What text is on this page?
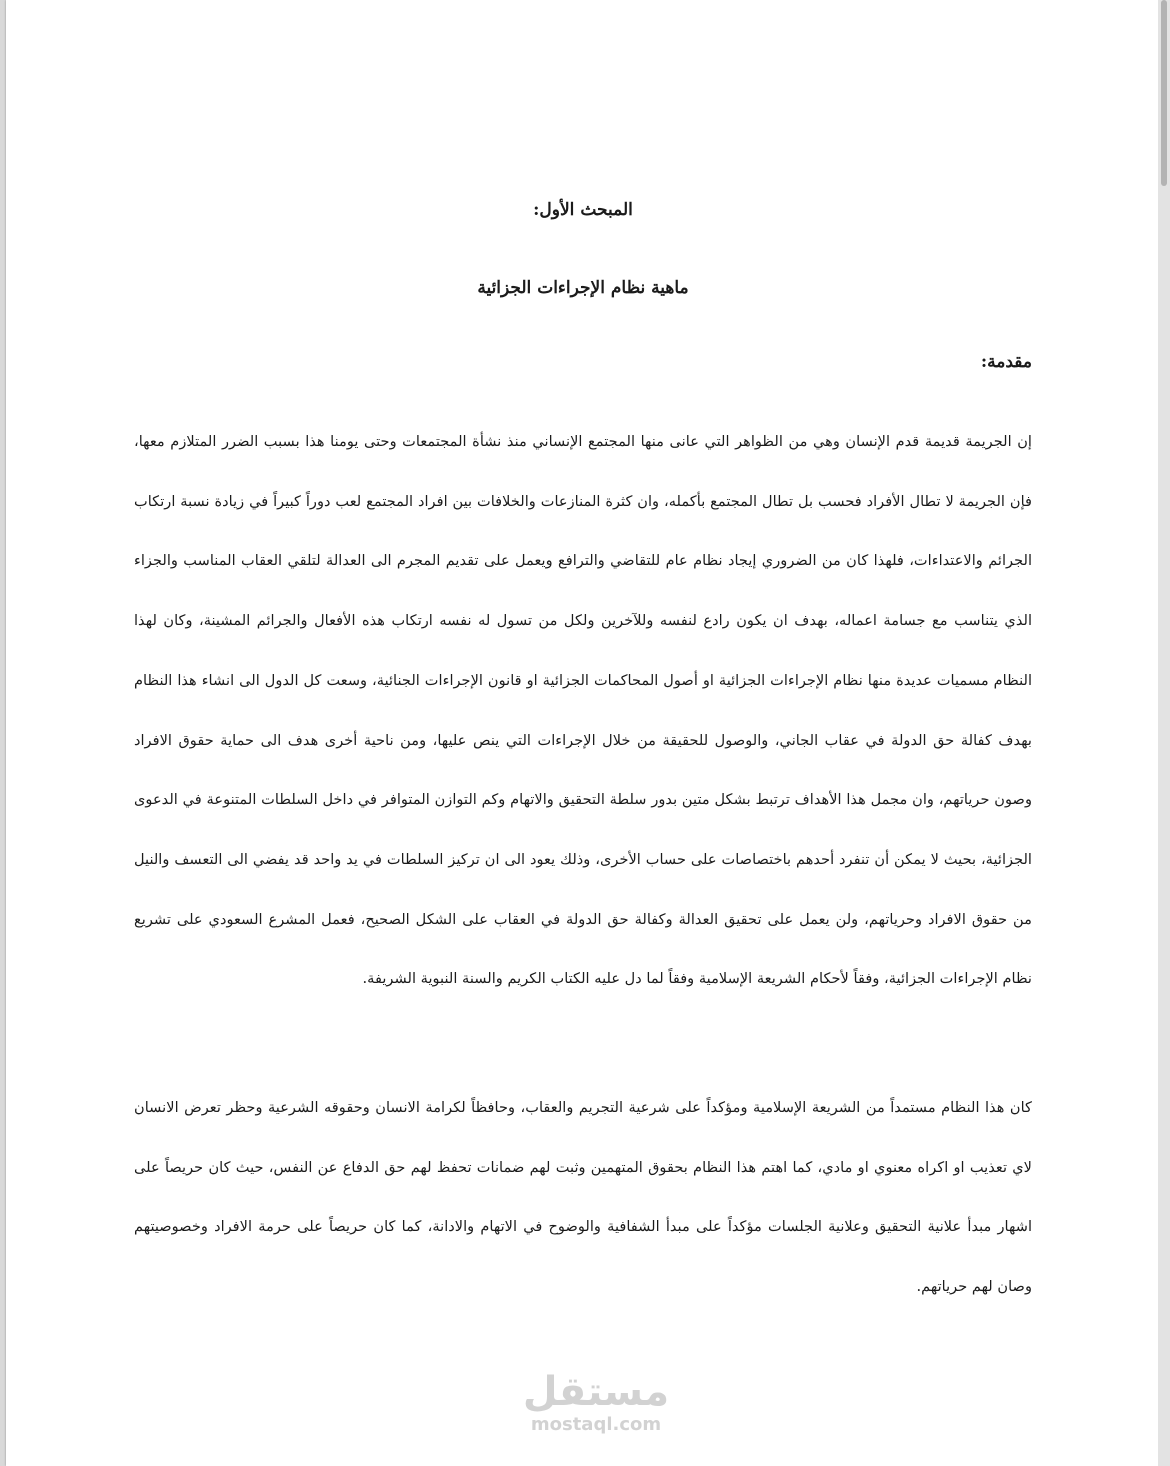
المبحث الأول:
ماهية نظام الإجراءات الجزائية
مقدمة:

إن الجريمة قديمة قدم الإنسان وهي من الظواهر التي عانى منها المجتمع الإنساني منذ نشأة المجتمعات وحتى يومنا هذا بسبب الضرر المتلازم معها، فإن الجريمة لا تطال الأفراد فحسب بل تطال المجتمع بأكمله، وان كثرة المنازعات والخلافات بين افراد المجتمع لعب دوراً كبيراً في زيادة نسبة ارتكاب الجرائم والاعتداءات، فلهذا كان من الضروري إيجاد نظام عام للتقاضي والترافع ويعمل على تقديم المجرم الى العدالة لتلقي العقاب المناسب والجزاء الذي يتناسب مع جسامة اعماله، بهدف ان يكون رادع لنفسه وللآخرين ولكل من تسول له نفسه ارتكاب هذه الأفعال والجرائم المشينة، وكان لهذا النظام مسميات عديدة منها نظام الإجراءات الجزائية او أصول المحاكمات الجزائية او قانون الإجراءات الجنائية، وسعت كل الدول الى انشاء هذا النظام بهدف كفالة حق الدولة في عقاب الجاني، والوصول للحقيقة من خلال الإجراءات التي ينص عليها، ومن ناحية أخرى هدف الى حماية حقوق الافراد وصون حرياتهم، وان مجمل هذا الأهداف ترتبط بشكل متين بدور سلطة التحقيق والاتهام وكم التوازن المتوافر في داخل السلطات المتنوعة في الدعوى الجزائية، بحيث لا يمكن أن تنفرد أحدهم باختصاصات على حساب الأخرى، وذلك يعود الى ان تركيز السلطات في يد واحد قد يفضي الى التعسف والنيل من حقوق الافراد وحرياتهم، ولن يعمل على تحقيق العدالة وكفالة حق الدولة في العقاب على الشكل الصحيح، فعمل المشرع السعودي على تشريع نظام الإجراءات الجزائية، وفقاً لأحكام الشريعة الإسلامية وفقاً لما دل عليه الكتاب الكريم والسنة النبوية الشريفة.

كان هذا النظام مستمداً من الشريعة الإسلامية ومؤكداً على شرعية التجريم والعقاب، وحافظاً لكرامة الانسان وحقوقه الشرعية وحظر تعرض الانسان لاي تعذيب او اكراه معنوي او مادي، كما اهتم هذا النظام بحقوق المتهمين وثبت لهم ضمانات تحفظ لهم حق الدفاع عن النفس، حيث كان حريصاً على اشهار مبدأ علانية التحقيق وعلانية الجلسات مؤكداً على مبدأ الشفافية والوضوح في الاتهام والادانة، كما كان حريصاً على حرمة الافراد وخصوصيتهم وصان لهم حرياتهم.

مستقل
mostaql.com
